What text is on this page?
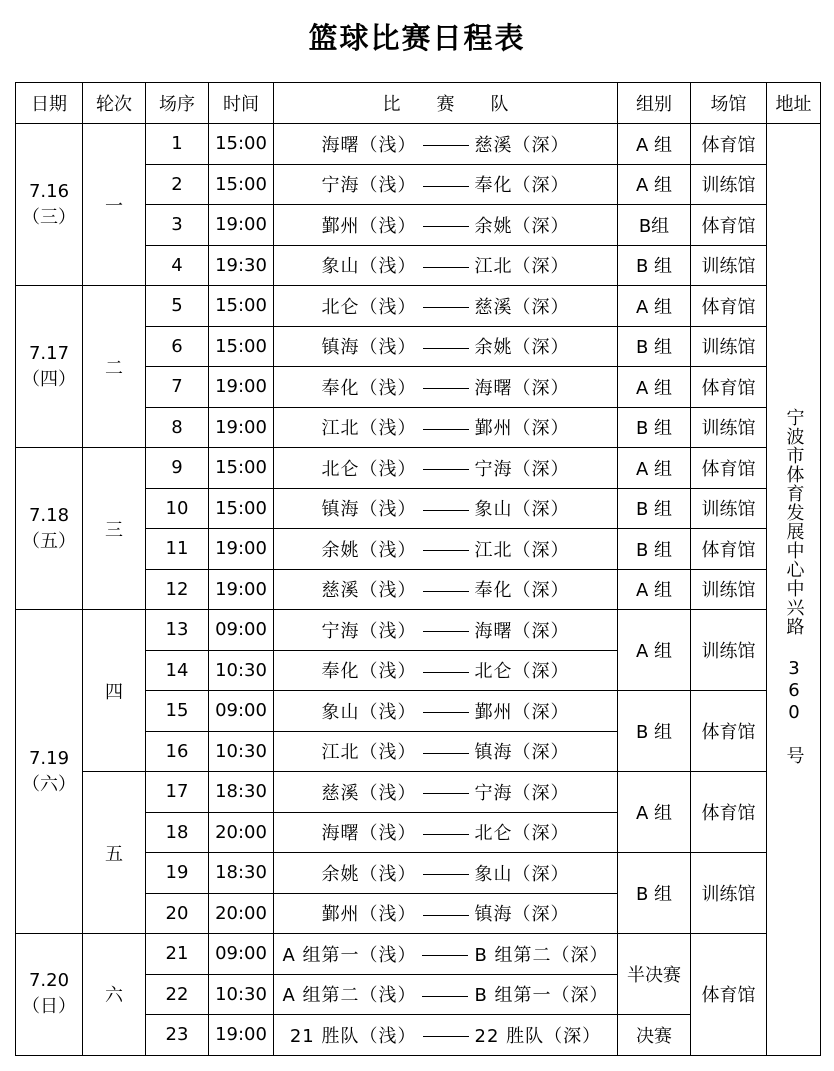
篮球比赛日程表
日期	轮次	场序	时间	比　　赛　　队	组别	场馆	地址
7.16
（三）	一	1	15:00	海曙（浅） 慈溪（深）	A 组	体育馆	宁波市体育发展中心中兴路 360 号
		2	15:00	宁海（浅） 奉化（深）	A 组	训练馆	
		3	19:00	鄞州（浅） 余姚（深）	B组	体育馆	
		4	19:30	象山（浅） 江北（深）	B 组	训练馆	
7.17
（四）	二	5	15:00	北仑（浅） 慈溪（深）	A 组	体育馆	
		6	15:00	镇海（浅） 余姚（深）	B 组	训练馆	
		7	19:00	奉化（浅） 海曙（深）	A 组	体育馆	
		8	19:00	江北（浅） 鄞州（深）	B 组	训练馆	
7.18
（五）	三	9	15:00	北仑（浅） 宁海（深）	A 组	体育馆	
		10	15:00	镇海（浅） 象山（深）	B 组	训练馆	
		11	19:00	余姚（浅） 江北（深）	B 组	体育馆	
		12	19:00	慈溪（浅） 奉化（深）	A 组	训练馆	
7.19
（六）	四	13	09:00	宁海（浅） 海曙（深）	A 组	训练馆	
		14	10:30	奉化（浅） 北仑（深）			
		15	09:00	象山（浅） 鄞州（深）	B 组	体育馆	
		16	10:30	江北（浅） 镇海（深）			
	五	17	18:30	慈溪（浅） 宁海（深）	A 组	体育馆	
		18	20:00	海曙（浅） 北仑（深）			
		19	18:30	余姚（浅） 象山（深）	B 组	训练馆	
		20	20:00	鄞州（浅） 镇海（深）			
7.20
（日）	六	21	09:00	A 组第一（浅） B 组第二（深）	半决赛	体育馆	
		22	10:30	A 组第二（浅） B 组第一（深）			
		23	19:00	21 胜队（浅） 22 胜队（深）	决赛		
